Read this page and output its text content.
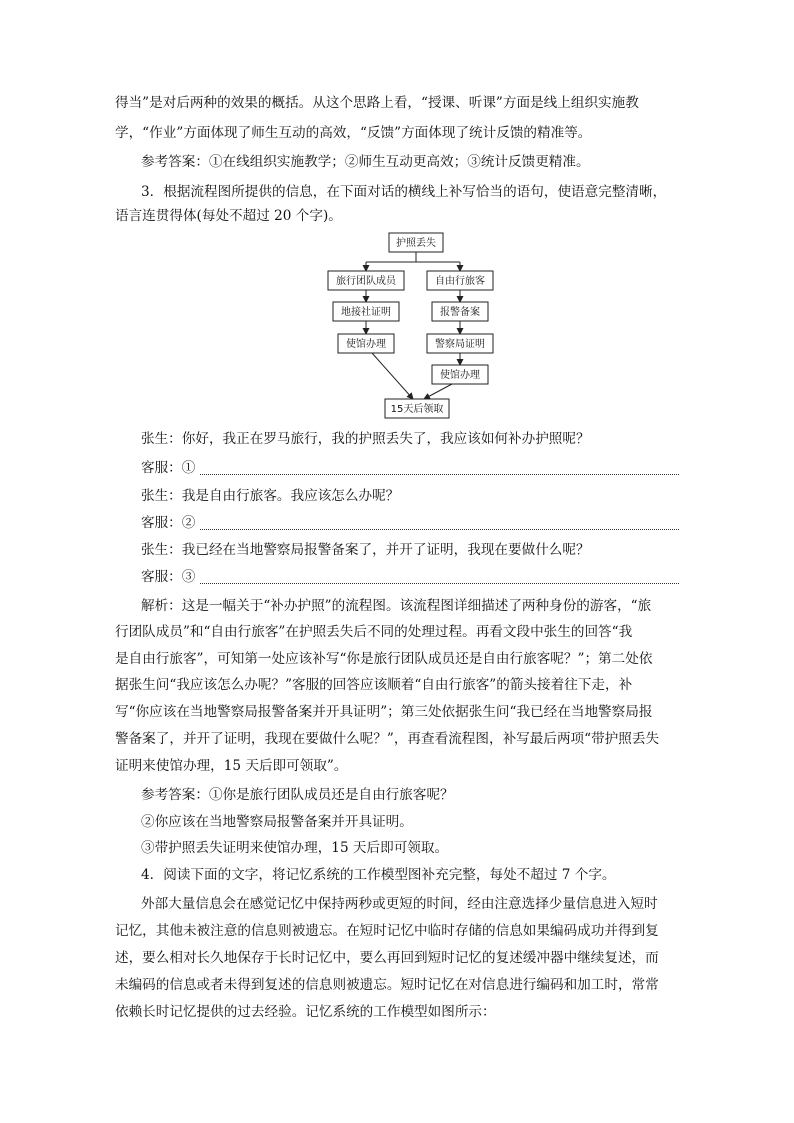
得当”是对后两种的效果的概括。从这个思路上看，“授课、听课”方面是线上组织实施教
学，“作业”方面体现了师生互动的高效，“反馈”方面体现了统计反馈的精准等。
参考答案：①在线组织实施教学；②师生互动更高效；③统计反馈更精准。
3．根据流程图所提供的信息，在下面对话的横线上补写恰当的语句，使语意完整清晰，
语言连贯得体(每处不超过 20 个字)。
护照丢失
旅行团队成员	自由行旅客
地接社证明	报警备案
使馆办理	警察局证明
使馆办理
15天后领取
张生：你好，我正在罗马旅行，我的护照丢失了，我应该如何补办护照呢？
客服：①
张生：我是自由行旅客。我应该怎么办呢？
客服：②
张生：我已经在当地警察局报警备案了，并开了证明，我现在要做什么呢？
客服：③
解析：这是一幅关于“补办护照”的流程图。该流程图详细描述了两种身份的游客，“旅
行团队成员”和“自由行旅客”在护照丢失后不同的处理过程。再看文段中张生的回答“我
是自由行旅客”，可知第一处应该补写“你是旅行团队成员还是自由行旅客呢？”；第二处依
据张生问“我应该怎么办呢？”客服的回答应该顺着“自由行旅客”的箭头接着往下走，补
写“你应该在当地警察局报警备案并开具证明”；第三处依据张生问“我已经在当地警察局报
警备案了，并开了证明，我现在要做什么呢？”，再查看流程图，补写最后两项“带护照丢失
证明来使馆办理，15 天后即可领取”。
参考答案：①你是旅行团队成员还是自由行旅客呢？
②你应该在当地警察局报警备案并开具证明。
③带护照丢失证明来使馆办理，15 天后即可领取。
4．阅读下面的文字，将记忆系统的工作模型图补充完整，每处不超过 7 个字。
外部大量信息会在感觉记忆中保持两秒或更短的时间，经由注意选择少量信息进入短时
记忆，其他未被注意的信息则被遗忘。在短时记忆中临时存储的信息如果编码成功并得到复
述，要么相对长久地保存于长时记忆中，要么再回到短时记忆的复述缓冲器中继续复述，而
未编码的信息或者未得到复述的信息则被遗忘。短时记忆在对信息进行编码和加工时，常常
依赖长时记忆提供的过去经验。记忆系统的工作模型如图所示：
